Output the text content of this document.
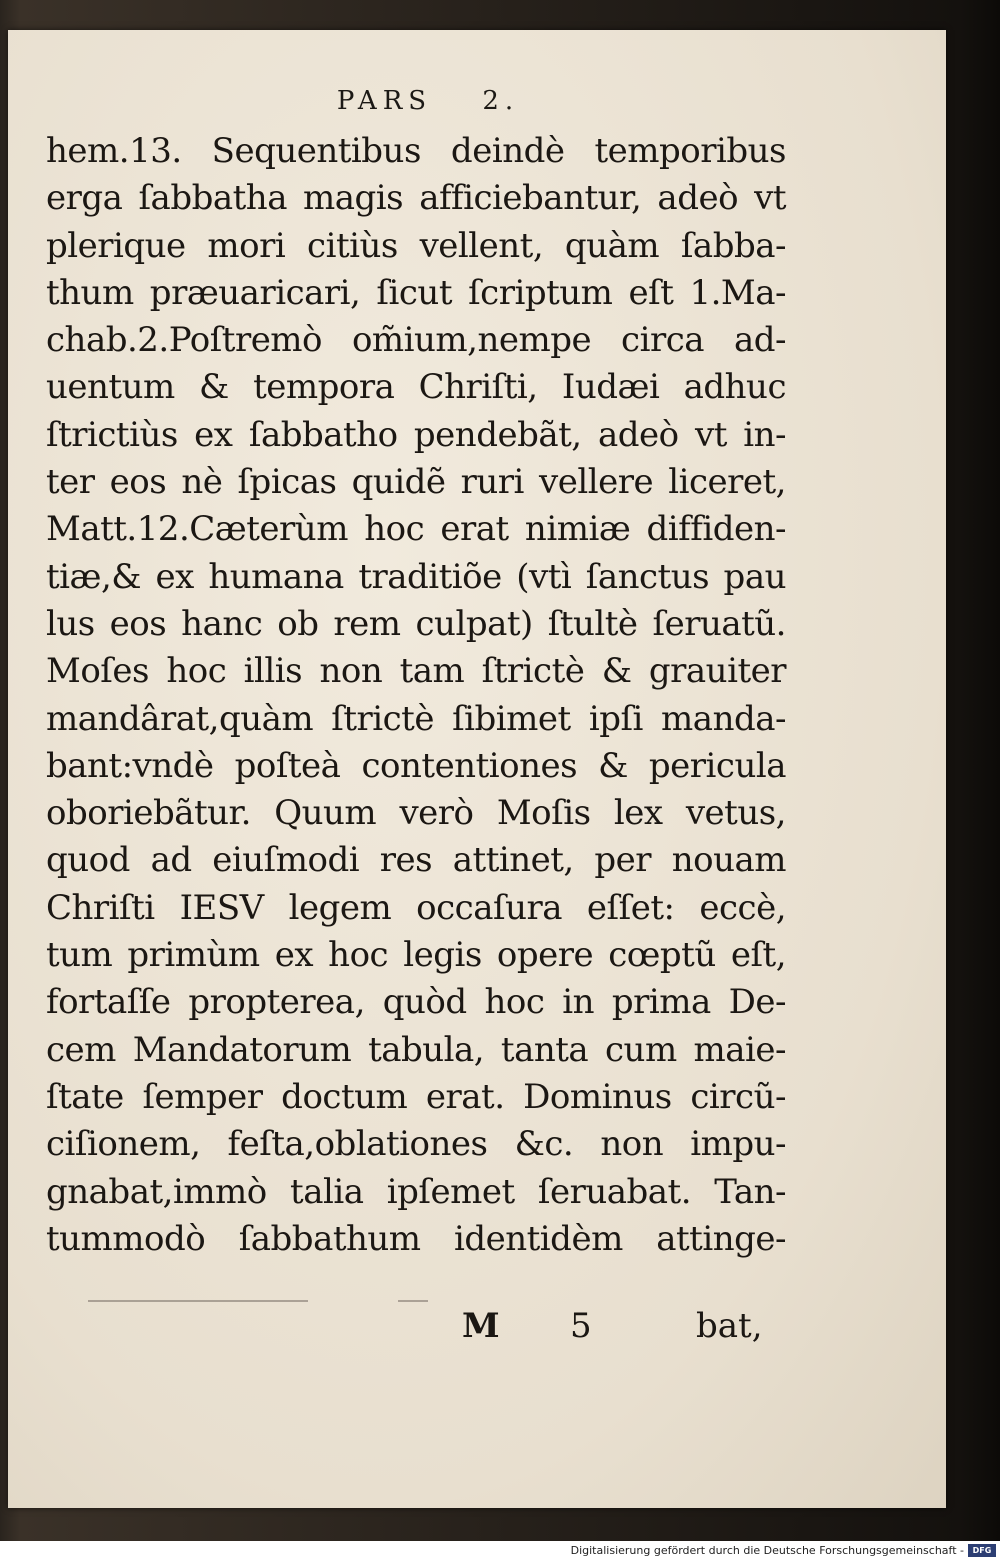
PARS 2.
hem.13. Sequentibus deindè temporibus
erga ſabbatha magis afficiebantur, adeò vt
plerique mori citiùs vellent, quàm ſabba-
thum præuaricari, ſicut ſcriptum eſt 1.Ma-
chab.2.Poſtremò om̃ium,nempe circa ad-
uentum & tempora Chriſti, Iudæi adhuc
ſtrictiùs ex ſabbatho pendebãt, adeò vt in-
ter eos nè ſpicas quidẽ ruri vellere liceret,
Matt.12.Cæterùm hoc erat nimiæ diffiden-
tiæ,& ex humana traditiõe (vtì ſanctus pau
lus eos hanc ob rem culpat) ſtultè ſeruatũ.
Moſes hoc illis non tam ſtrictè & grauiter
mandârat,quàm ſtrictè ſibimet ipſi manda-
bant:vndè poſteà contentiones & pericula
oboriebãtur. Quum verò Moſis lex vetus,
quod ad eiuſmodi res attinet, per nouam
Chriſti IESV legem occaſura eſſet: eccè,
tum primùm ex hoc legis opere cœptũ eſt,
fortaſſe propterea, quòd hoc in prima De-
cem Mandatorum tabula, tanta cum maie-
ſtate ſemper doctum erat. Dominus circũ-
ciſionem, feſta,oblationes &c. non impu-
gnabat,immò talia ipſemet ſeruabat. Tan-
tummodò ſabbathum identidèm attinge-
M 5	bat,
Digitalisierung gefördert durch die Deutsche Forschungsgemeinschaft -	DFG
